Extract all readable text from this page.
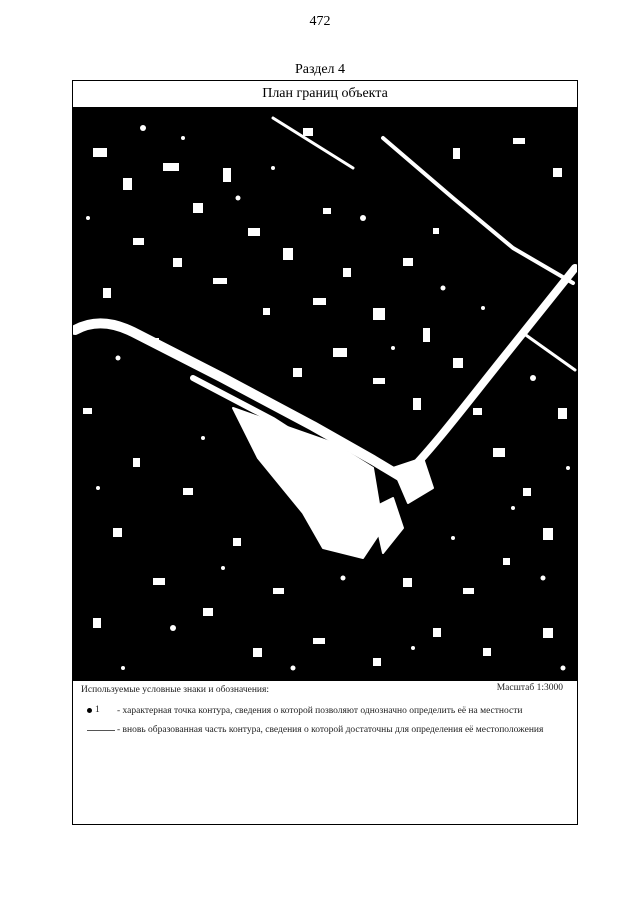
472
Раздел 4
План границ объекта
Используемые условные знаки и обозначения:	Масштаб 1:3000
1 - характерная точка контура, сведения о которой позволяют однозначно определить её на местности
- вновь образованная часть контура, сведения о которой достаточны для определения её местоположения
